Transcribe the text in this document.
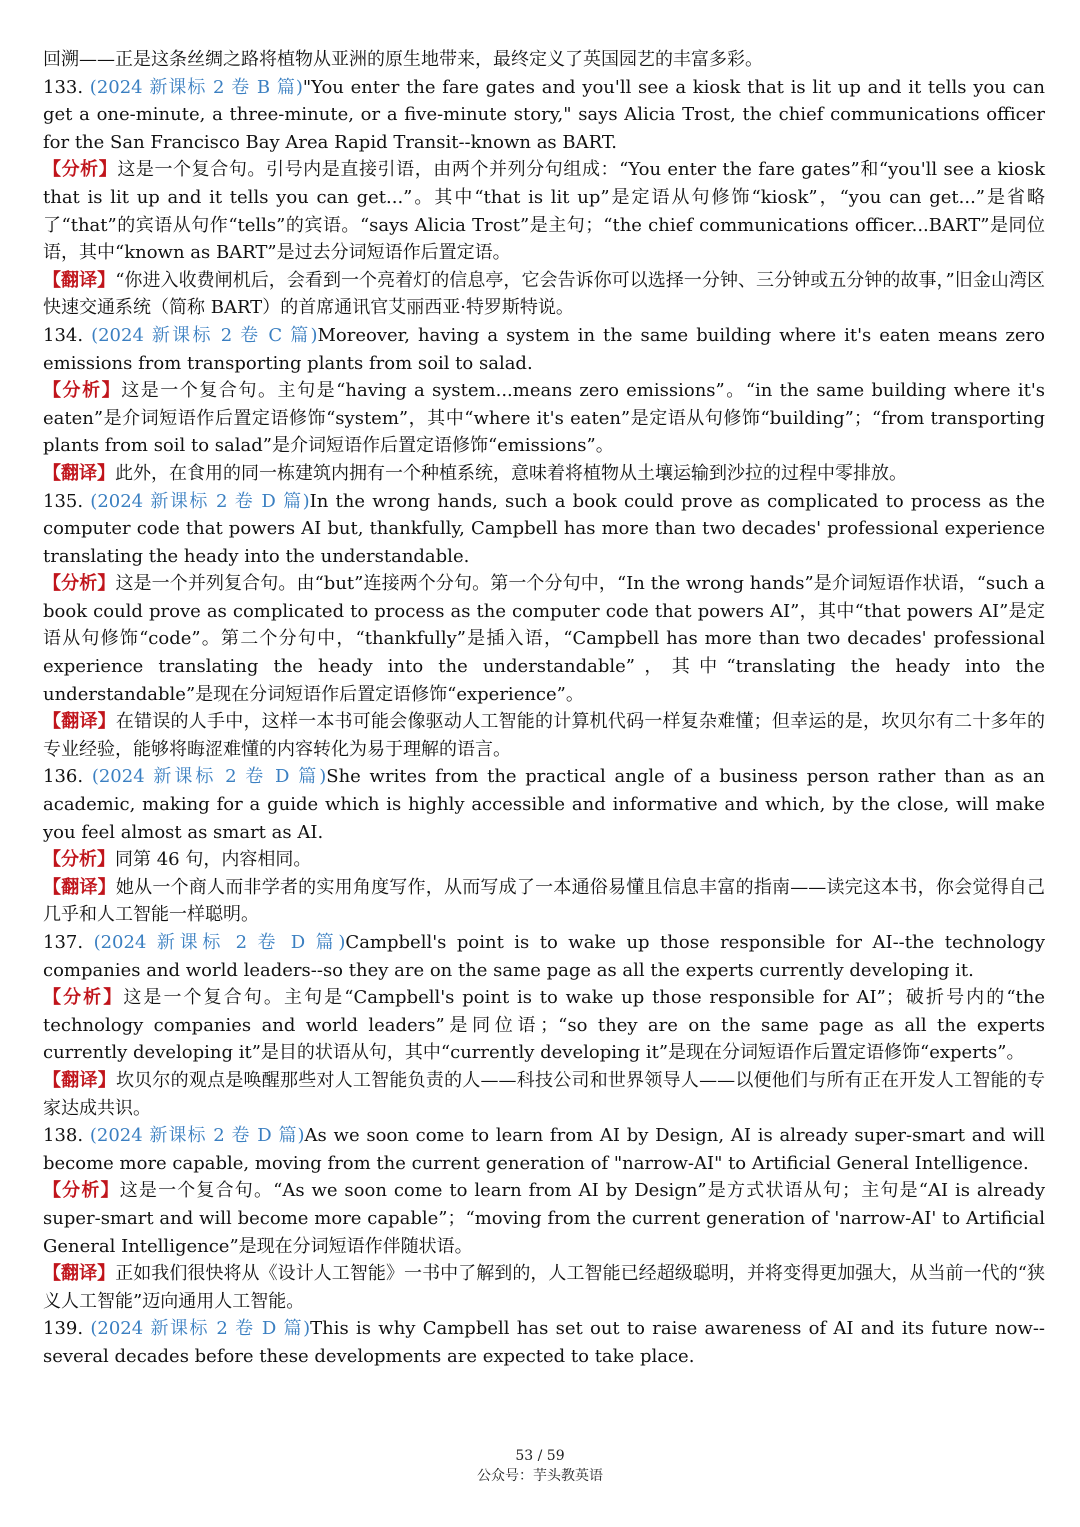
回溯——正是这条丝绸之路将植物从亚洲的原生地带来，最终定义了英国园艺的丰富多彩。

133. (2024 新课标 2 卷 B 篇)"You enter the fare gates and you'll see a kiosk that is lit up and it tells you can get a one-minute, a three-minute, or a five-minute story," says Alicia Trost, the chief communications officer for the San Francisco Bay Area Rapid Transit--known as BART.

【分析】这是一个复合句。引号内是直接引语，由两个并列分句组成：“You enter the fare gates”和“you'll see a kiosk that is lit up and it tells you can get...”。其中“that is lit up”是定语从句修饰“kiosk”，“you can get...”是省略了“that”的宾语从句作“tells”的宾语。“says Alicia Trost”是主句；“the chief communications officer...BART”是同位语，其中“known as BART”是过去分词短语作后置定语。

【翻译】“你进入收费闸机后，会看到一个亮着灯的信息亭，它会告诉你可以选择一分钟、三分钟或五分钟的故事，”旧金山湾区快速交通系统（简称 BART）的首席通讯官艾丽西亚·特罗斯特说。

134. (2024 新课标 2 卷 C 篇)Moreover, having a system in the same building where it's eaten means zero emissions from transporting plants from soil to salad.

【分析】这是一个复合句。主句是“having a system...means zero emissions”。“in the same building where it's eaten”是介词短语作后置定语修饰“system”，其中“where it's eaten”是定语从句修饰“building”；“from transporting plants from soil to salad”是介词短语作后置定语修饰“emissions”。

【翻译】此外，在食用的同一栋建筑内拥有一个种植系统，意味着将植物从土壤运输到沙拉的过程中零排放。

135. (2024 新课标 2 卷 D 篇)In the wrong hands, such a book could prove as complicated to process as the computer code that powers AI but, thankfully, Campbell has more than two decades' professional experience translating the heady into the understandable.

【分析】这是一个并列复合句。由“but”连接两个分句。第一个分句中，“In the wrong hands”是介词短语作状语，“such a book could prove as complicated to process as the computer code that powers AI”，其中“that powers AI”是定语从句修饰“code”。第二个分句中，“thankfully”是插入语，“Campbell has more than two decades' professional experience translating the heady into the understandable”，其中“translating the heady into the understandable”是现在分词短语作后置定语修饰“experience”。

【翻译】在错误的人手中，这样一本书可能会像驱动人工智能的计算机代码一样复杂难懂；但幸运的是，坎贝尔有二十多年的专业经验，能够将晦涩难懂的内容转化为易于理解的语言。

136. (2024 新课标 2 卷 D 篇)She writes from the practical angle of a business person rather than as an academic, making for a guide which is highly accessible and informative and which, by the close, will make you feel almost as smart as AI.

【分析】同第 46 句，内容相同。

【翻译】她从一个商人而非学者的实用角度写作，从而写成了一本通俗易懂且信息丰富的指南——读完这本书，你会觉得自己几乎和人工智能一样聪明。

137. (2024 新课标 2 卷 D 篇)Campbell's point is to wake up those responsible for AI--the technology companies and world leaders--so they are on the same page as all the experts currently developing it.

【分析】这是一个复合句。主句是“Campbell's point is to wake up those responsible for AI”；破折号内的“the technology companies and world leaders”是同位语；“so they are on the same page as all the experts currently developing it”是目的状语从句，其中“currently developing it”是现在分词短语作后置定语修饰“experts”。

【翻译】坎贝尔的观点是唤醒那些对人工智能负责的人——科技公司和世界领导人——以便他们与所有正在开发人工智能的专家达成共识。

138. (2024 新课标 2 卷 D 篇)As we soon come to learn from AI by Design, AI is already super-smart and will become more capable, moving from the current generation of "narrow-AI" to Artificial General Intelligence.

【分析】这是一个复合句。“As we soon come to learn from AI by Design”是方式状语从句；主句是“AI is already super-smart and will become more capable”；“moving from the current generation of 'narrow-AI' to Artificial General Intelligence”是现在分词短语作伴随状语。

【翻译】正如我们很快将从《设计人工智能》一书中了解到的，人工智能已经超级聪明，并将变得更加强大，从当前一代的“狭义人工智能”迈向通用人工智能。

139. (2024 新课标 2 卷 D 篇)This is why Campbell has set out to raise awareness of AI and its future now--several decades before these developments are expected to take place.

53 / 59
公众号：芋头教英语
